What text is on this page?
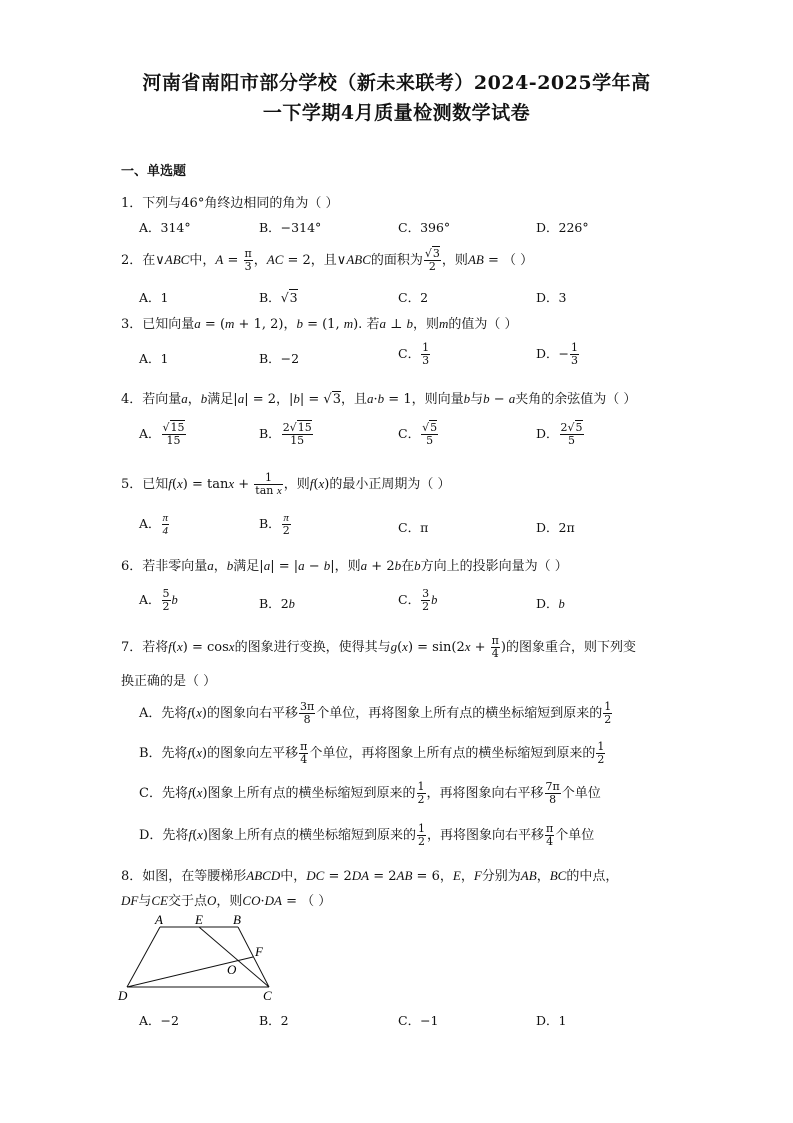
河南省南阳市部分学校（新未来联考）2024-2025学年高
一下学期4月质量检测数学试卷
一、单选题
1．下列与46°角终边相同的角为（ ）
A．314°	B．−314°	C．396°	D．226°
2．在∨ABC中，$A = \frac{\pi}{3}$ ，AC = 2，且∨ABC的面积为 $\frac{√3}{2}$ ，则AB = （ ）
A．1	B．√3	C．2	D．3
3．已知向量a = (m + 1, 2)，b = (1, m). 若a ⊥ b，则m的值为（ ）
A．1	B．−2	C． $\frac{1}{3}$	D．− $\frac{1}{3}$
4．若向量a，b满足|a| = 2，|b| = √3，且a·b = 1，则向量b与b − a夹角的余弦值为（ ）
A． $\frac{√15}{15}$	B． $\frac{2√15}{15}$	C． $\frac{√5}{5}$	D． $\frac{2√5}{5}$
5．已知$f(x) = \tan x + \frac{1}{\text{tan x}}$ ，则f(x)的最小正周期为（ ）
A． $\frac{\pi}{4}$	B． $\frac{\pi}{2}$	C．π	D．2π
6．若非零向量a，b满足|a| = |a − b|，则a + 2b在b方向上的投影向量为（ ）
A． $\frac{5}{2}$ b	B．2b	C． $\frac{3}{2}$ b	D．b
7．若将f(x) = cosx的图象进行变换，使得其与$g(x) = \sin(2x + \frac{\pi}{4}$ )的图象重合，则下列变
换正确的是（ ）
A．先将f(x)的图象向右平移 $\frac{3\pi}{8}$ 个单位，再将图象上所有点的横坐标缩短到原来的 $\frac{1}{2}$
B．先将f(x)的图象向左平移 $\frac{\pi}{4}$ 个单位，再将图象上所有点的横坐标缩短到原来的 $\frac{1}{2}$
C．先将f(x)图象上所有点的横坐标缩短到原来的 $\frac{1}{2}$ ，再将图象向右平移 $\frac{7\pi}{8}$ 个单位
D．先将f(x)图象上所有点的横坐标缩短到原来的 $\frac{1}{2}$ ，再将图象向右平移 $\frac{\pi}{4}$ 个单位
8．如图，在等腰梯形ABCD中，DC = 2DA = 2AB = 6，E，F分别为AB，BC的中点，
DF与CE交于点O，则CO·DA = （ ）
A E B
F
O
D	C
A．−2	B．2	C．−1	D．1
